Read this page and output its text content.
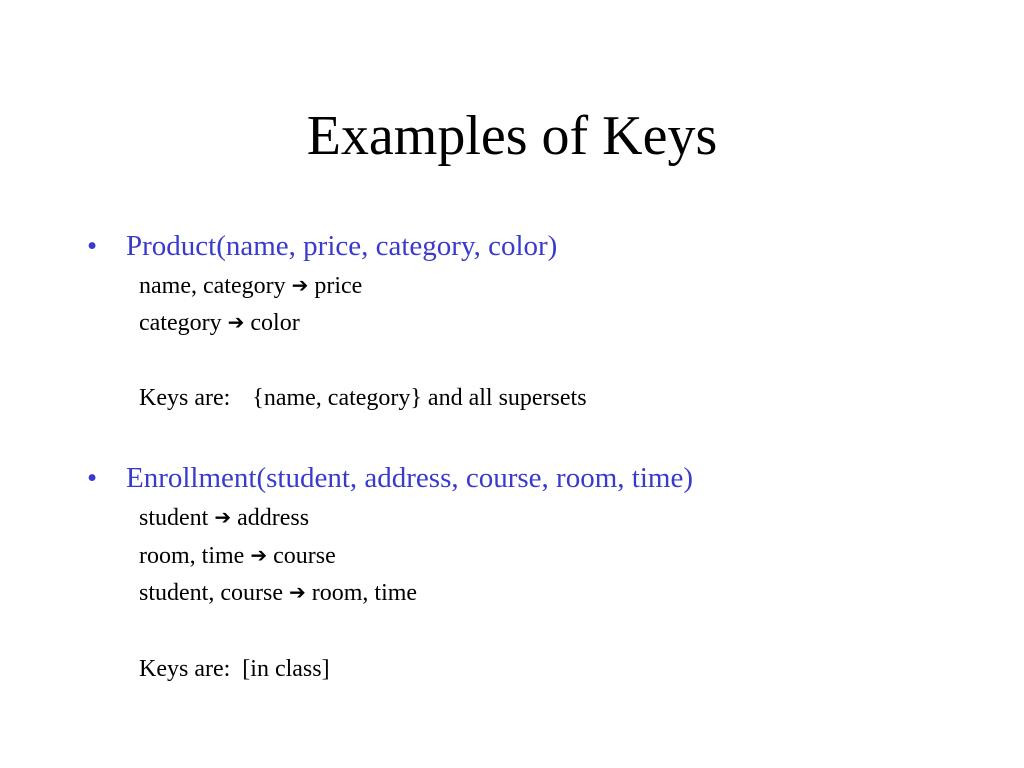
Examples of Keys
• Product(name, price, category, color)
name, category ➔ price
category ➔ color
Keys are: {name, category} and all supersets
• Enrollment(student, address, course, room, time)
student ➔ address
room, time ➔ course
student, course ➔ room, time
Keys are: [in class]
